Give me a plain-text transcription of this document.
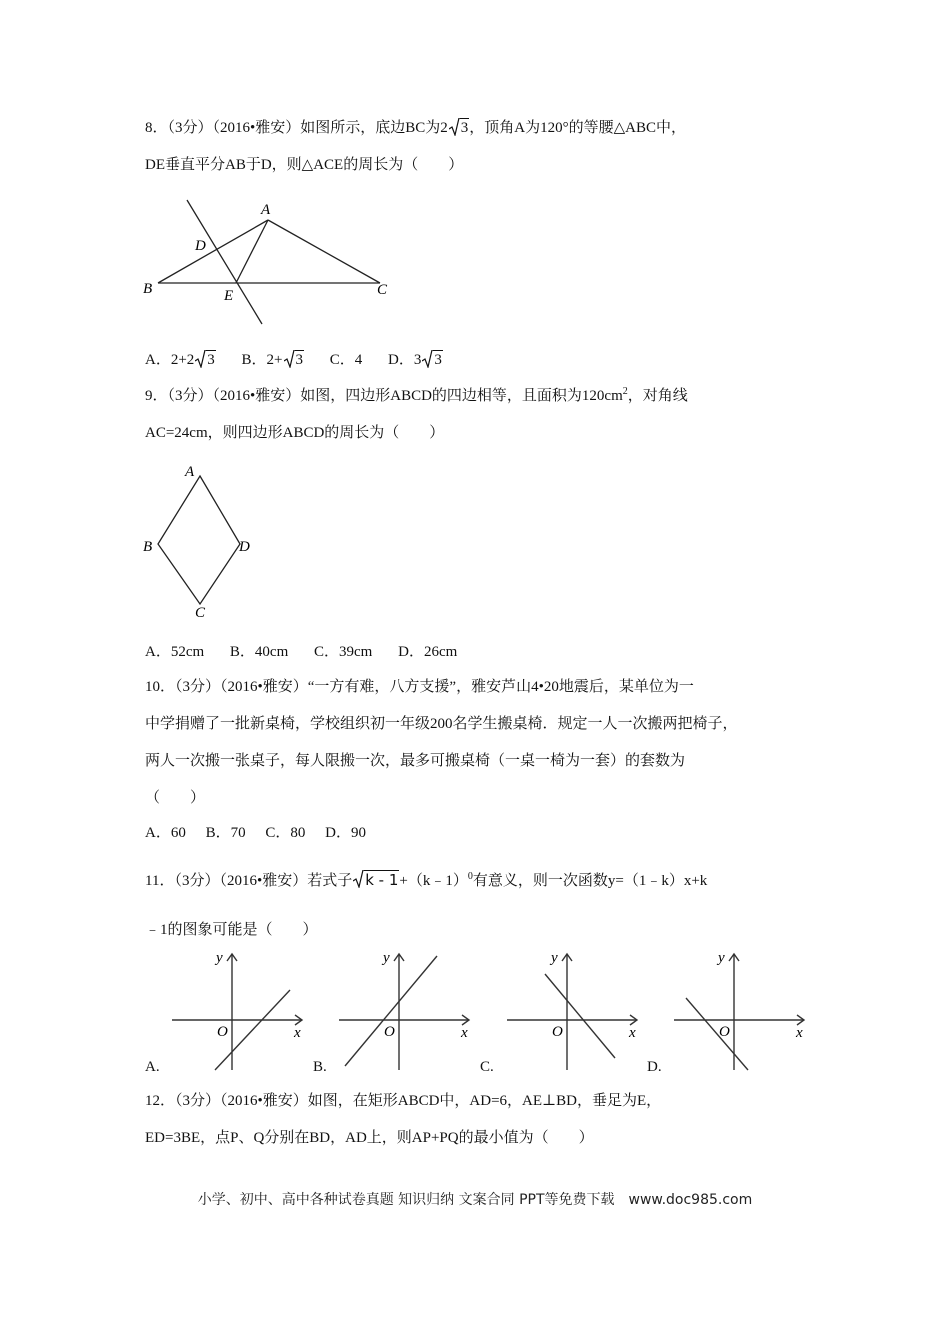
8．（3分）（2016•雅安）如图所示，底边BC为2 3，顶角A为120°的等腰△ABC中，
DE垂直平分AB于D，则△ACE的周长为（　　）
A
B	C
D
E
A．2+2 3 B．2+ 3 C．4 D．3 3
9．（3分）（2016•雅安）如图，四边形ABCD的四边相等，且面积为$120cm^2$，对角线
AC=24cm，则四边形ABCD的周长为（　　）
A
B
C
D
A．52cm B．40cm C．39cm D．26cm
10．（3分）（2016•雅安）“一方有难，八方支援”，雅安芦山4•20地震后，某单位为一
中学捐赠了一批新桌椅，学校组织初一年级200名学生搬桌椅．规定一人一次搬两把椅子，
两人一次搬一张桌子，每人限搬一次，最多可搬桌椅（一桌一椅为一套）的套数为
（　　）
A．60 B．70 C．80 D．90
11．（3分）（2016•雅安）若式子 k - 1+（k﹣1）$^0$有意义，则一次函数y=（1﹣k）x+k
﹣1的图象可能是（　　）
y
x
O
y
x
O
y
x
O
y
x
O
A.	B.	C.	D.
12．（3分）（2016•雅安）如图，在矩形ABCD中，AD=6，AE⊥BD，垂足为E，
ED=3BE，点P、Q分别在BD，AD上，则AP+PQ的最小值为（　　）
小学、初中、高中各种试卷真题 知识归纳 文案合同 PPT等免费下载　www.doc985.com
